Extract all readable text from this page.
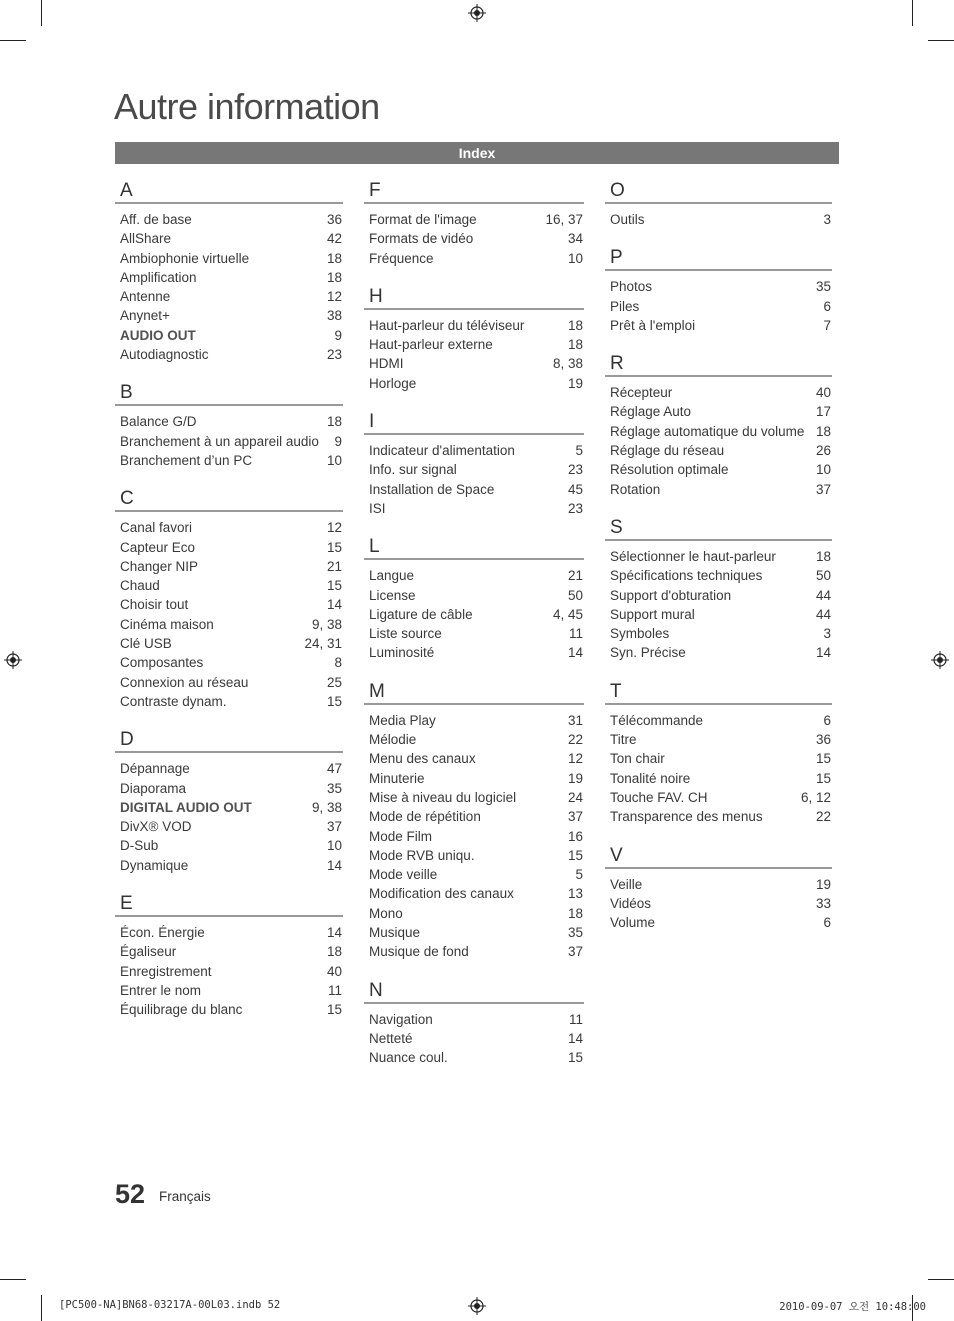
Autre information
Index
A
Aff. de base	36
AllShare	42
Ambiophonie virtuelle	18
Amplification	18
Antenne	12
Anynet+	38
AUDIO OUT	9
Autodiagnostic	23
B
Balance G/D	18
Branchement à un appareil audio	9
Branchement d’un PC	10
C
Canal favori	12
Capteur Eco	15
Changer NIP	21
Chaud	15
Choisir tout	14
Cinéma maison	9, 38
Clé USB	24, 31
Composantes	8
Connexion au réseau	25
Contraste dynam.	15
D
Dépannage	47
Diaporama	35
DIGITAL AUDIO OUT	9, 38
DivX® VOD	37
D-Sub	10
Dynamique	14
E
Écon. Énergie	14
Égaliseur	18
Enregistrement	40
Entrer le nom	11
Équilibrage du blanc	15
F
Format de l'image	16, 37
Formats de vidéo	34
Fréquence	10
H
Haut-parleur du téléviseur	18
Haut-parleur externe	18
HDMI	8, 38
Horloge	19
I
Indicateur d'alimentation	5
Info. sur signal	23
Installation de Space	45
ISI	23
L
Langue	21
License	50
Ligature de câble	4, 45
Liste source	11
Luminosité	14
M
Media Play	31
Mélodie	22
Menu des canaux	12
Minuterie	19
Mise à niveau du logiciel	24
Mode de répétition	37
Mode Film	16
Mode RVB uniqu.	15
Mode veille	5
Modification des canaux	13
Mono	18
Musique	35
Musique de fond	37
N
Navigation	11
Netteté	14
Nuance coul.	15
O
Outils	3
P
Photos	35
Piles	6
Prêt à l'emploi	7
R
Récepteur	40
Réglage Auto	17
Réglage automatique du volume 18
Réglage du réseau	26
Résolution optimale	10
Rotation	37
S
Sélectionner le haut-parleur	18
Spécifications techniques	50
Support d'obturation	44
Support mural	44
Symboles	3
Syn. Précise	14
T
Télécommande	6
Titre	36
Ton chair	15
Tonalité noire	15
Touche FAV. CH	6, 12
Transparence des menus	22
V
Veille	19
Vidéos	33
Volume	6
52 Français
[PC500-NA]BN68-03217A-00L03.indb 52	2010-09-07 오전 10:48:00
